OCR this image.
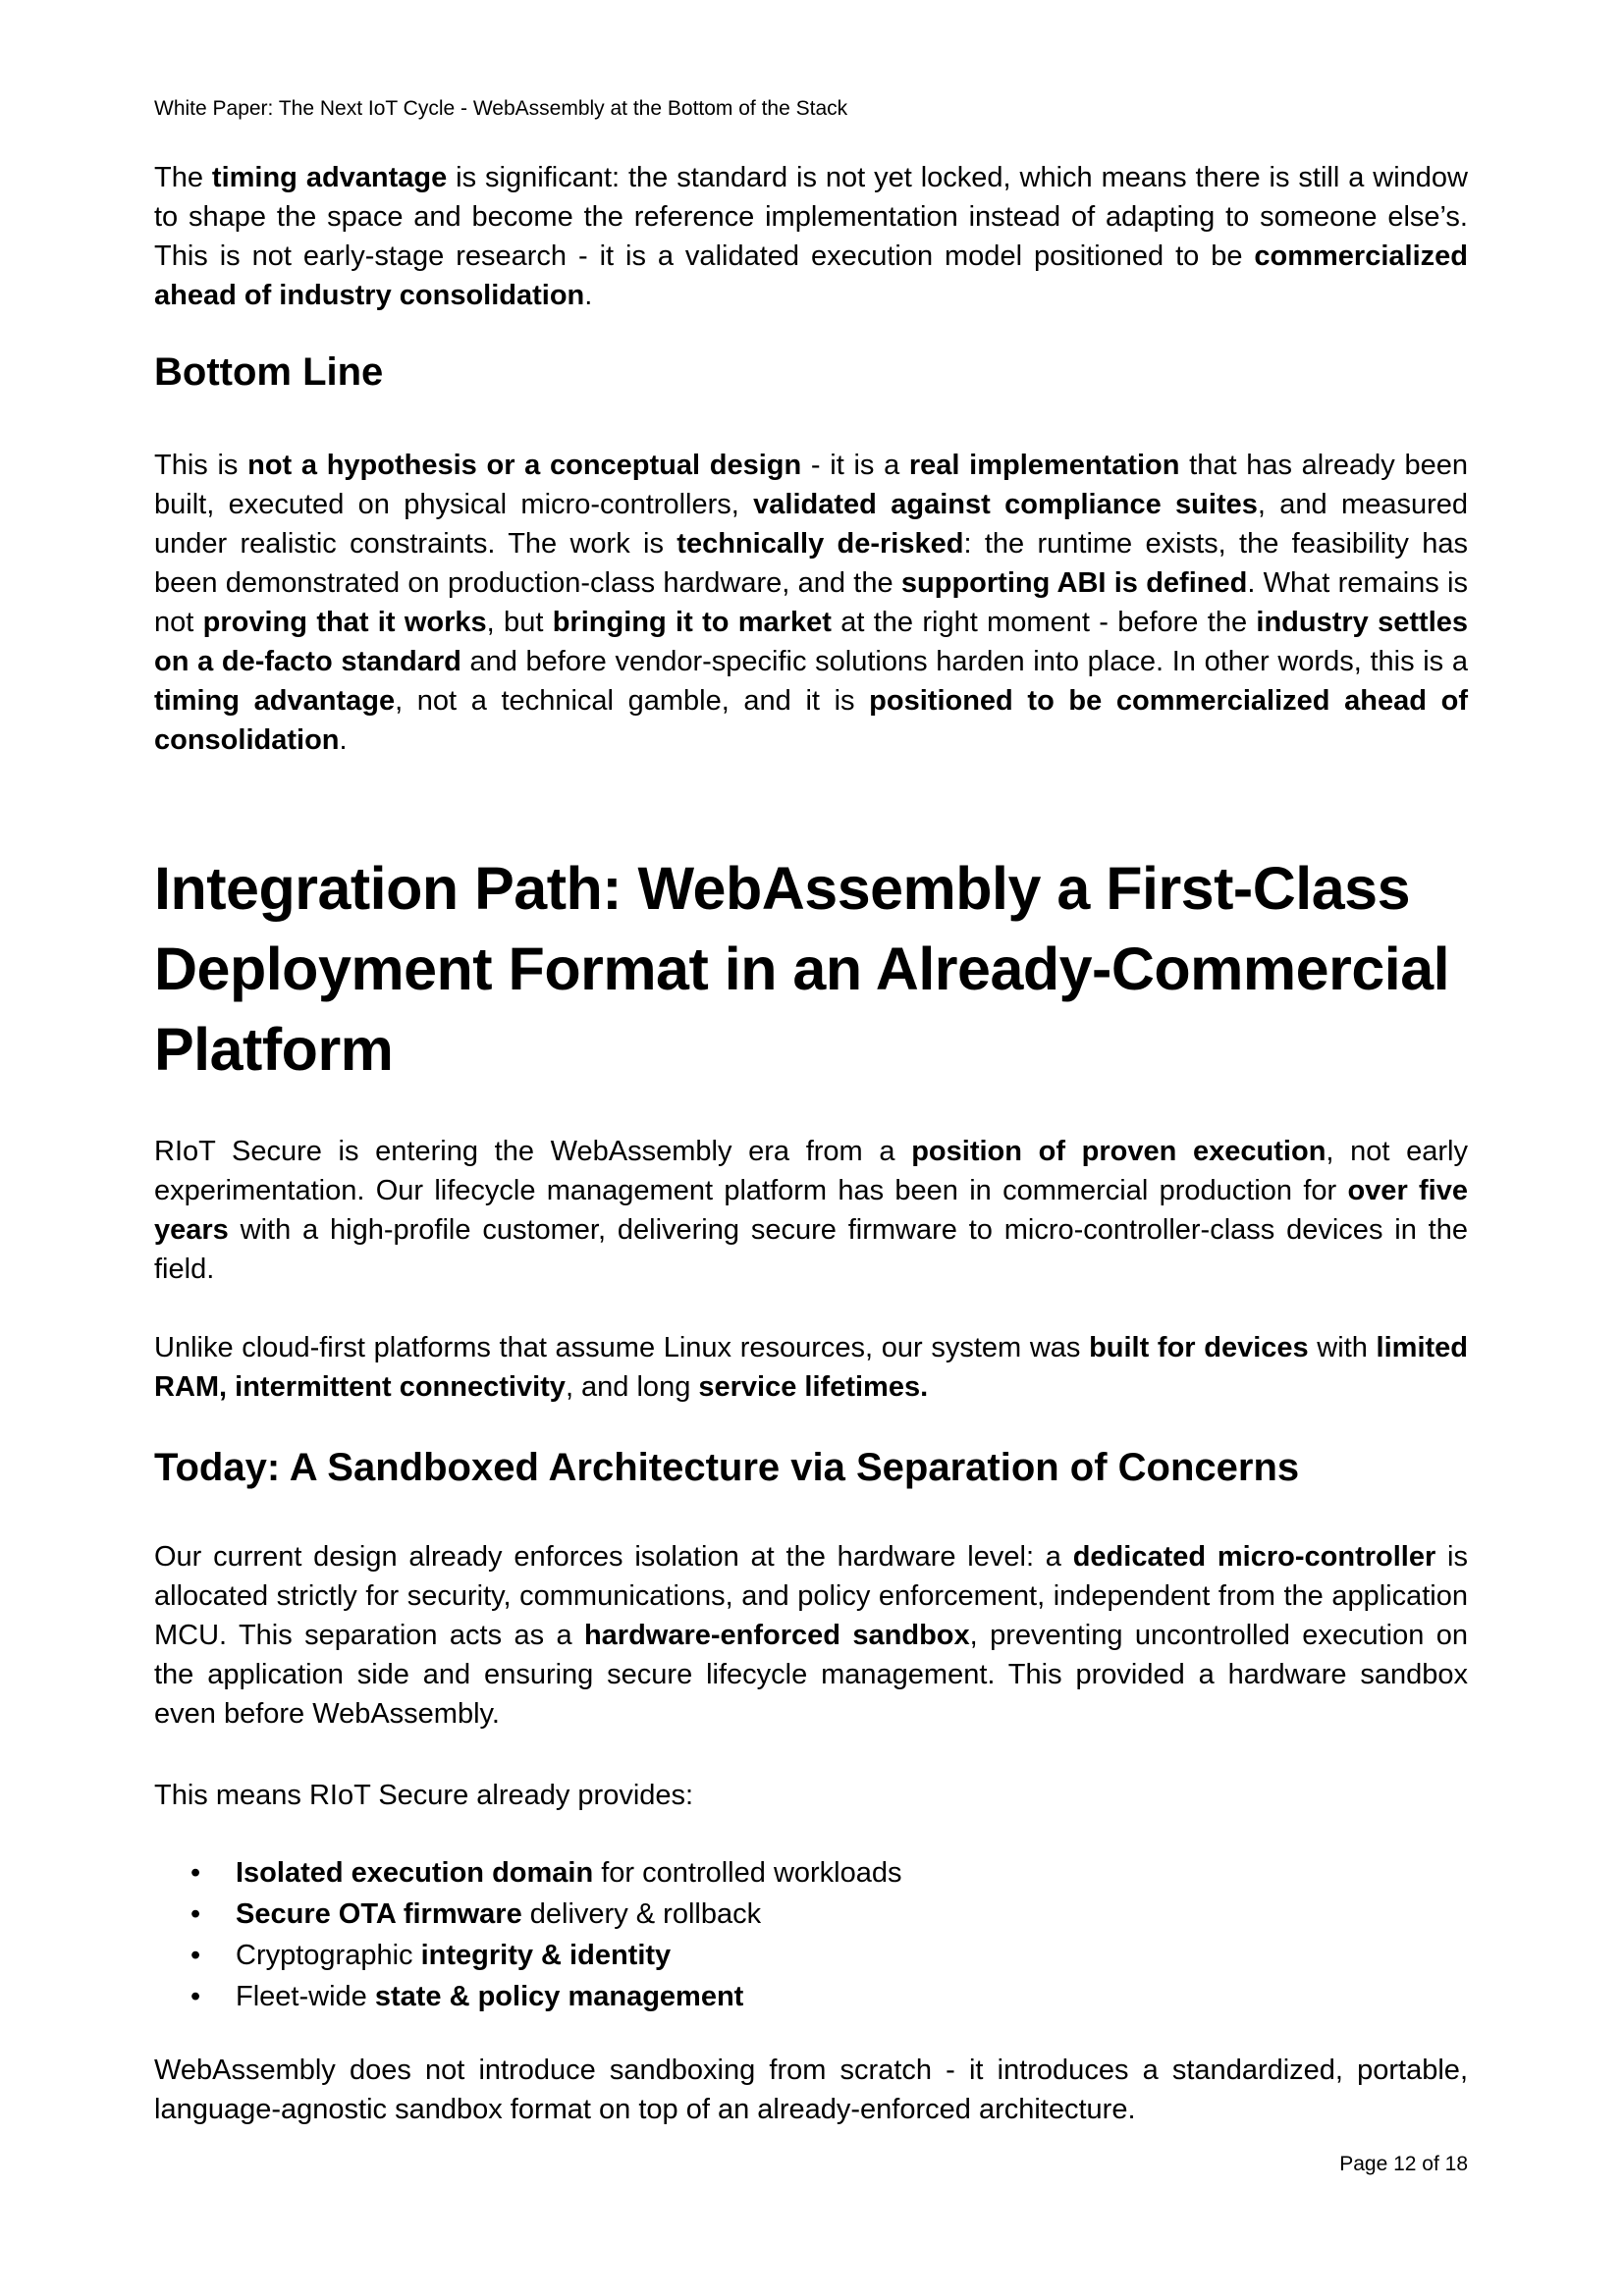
White Paper: The Next IoT Cycle - WebAssembly at the Bottom of the Stack

The timing advantage is significant: the standard is not yet locked, which means there is still a window to shape the space and become the reference implementation instead of adapting to someone else’s. This is not early-stage research - it is a validated execution model positioned to be commercialized ahead of industry consolidation.

Bottom Line

This is not a hypothesis or a conceptual design - it is a real implementation that has already been built, executed on physical micro-controllers, validated against compliance suites, and measured under realistic constraints. The work is technically de-risked: the runtime exists, the feasibility has been demonstrated on production-class hardware, and the supporting ABI is defined. What remains is not proving that it works, but bringing it to market at the right moment - before the industry settles on a de-facto standard and before vendor-specific solutions harden into place. In other words, this is a timing advantage, not a technical gamble, and it is positioned to be commercialized ahead of consolidation.

Integration Path: WebAssembly a First-Class Deployment Format in an Already-Commercial Platform

RIoT Secure is entering the WebAssembly era from a position of proven execution, not early experimentation. Our lifecycle management platform has been in commercial production for over five years with a high-profile customer, delivering secure firmware to micro-controller-class devices in the field.

Unlike cloud-first platforms that assume Linux resources, our system was built for devices with limited RAM, intermittent connectivity, and long service lifetimes.

Today: A Sandboxed Architecture via Separation of Concerns

Our current design already enforces isolation at the hardware level: a dedicated micro-controller is allocated strictly for security, communications, and policy enforcement, independent from the application MCU. This separation acts as a hardware-enforced sandbox, preventing uncontrolled execution on the application side and ensuring secure lifecycle management. This provided a hardware sandbox even before WebAssembly.

This means RIoT Secure already provides:

•	Isolated execution domain for controlled workloads
•	Secure OTA firmware delivery & rollback
•	Cryptographic integrity & identity
•	Fleet-wide state & policy management

WebAssembly does not introduce sandboxing from scratch - it introduces a standardized, portable, language-agnostic sandbox format on top of an already-enforced architecture.

Page 12 of 18
